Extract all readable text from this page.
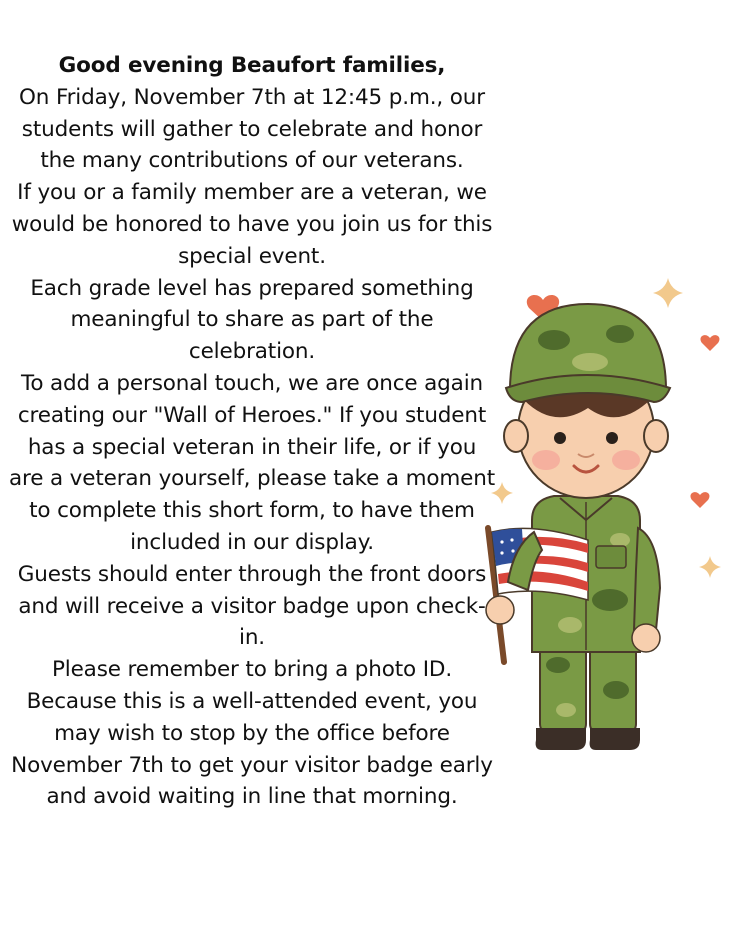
Good evening Beaufort families,

On Friday, November 7th at 12:45 p.m., our students will gather to celebrate and honor the many contributions of our veterans.

If you or a family member are a veteran, we would be honored to have you join us for this special event.

Each grade level has prepared something meaningful to share as part of the celebration.

To add a personal touch, we are once again creating our "Wall of Heroes." If you student has a special veteran in their life, or if you are a veteran yourself, please take a moment to complete this short form, to have them included in our display.

Guests should enter through the front doors and will receive a visitor badge upon check-in.

Please remember to bring a photo ID.

Because this is a well-attended event, you may wish to stop by the office before November 7th to get your visitor badge early and avoid waiting in line that morning.
